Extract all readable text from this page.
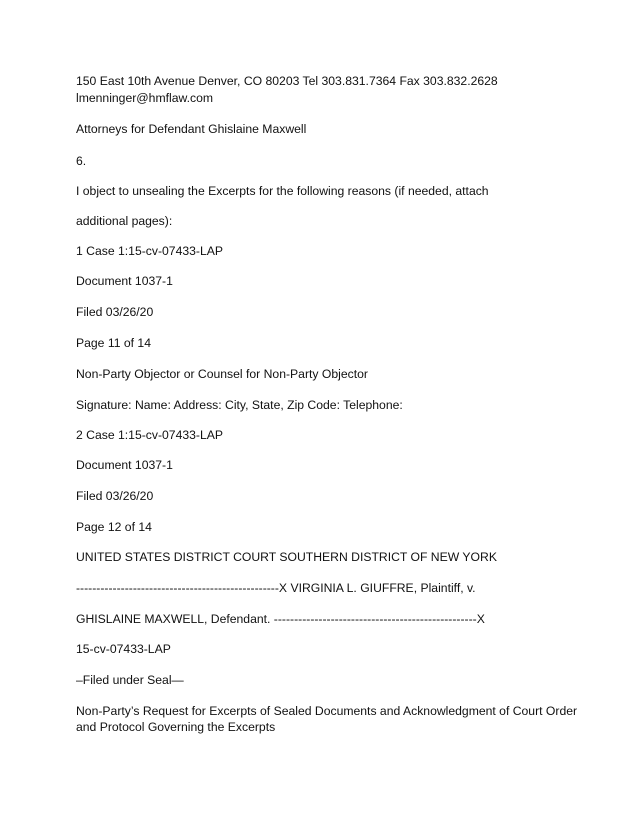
150 East 10th Avenue Denver, CO 80203 Tel 303.831.7364 Fax 303.832.2628
lmenninger@hmflaw.com
Attorneys for Defendant Ghislaine Maxwell
6.
I object to unsealing the Excerpts for the following reasons (if needed, attach
additional pages):
1 Case 1:15-cv-07433-LAP
Document 1037-1
Filed 03/26/20
Page 11 of 14
Non-Party Objector or Counsel for Non-Party Objector
Signature: Name: Address: City, State, Zip Code: Telephone:
2 Case 1:15-cv-07433-LAP
Document 1037-1
Filed 03/26/20
Page 12 of 14
UNITED STATES DISTRICT COURT SOUTHERN DISTRICT OF NEW YORK
--------------------------------------------------X VIRGINIA L. GIUFFRE, Plaintiff, v.
GHISLAINE MAXWELL, Defendant. --------------------------------------------------X
15-cv-07433-LAP
–Filed under Seal—
Non-Party’s Request for Excerpts of Sealed Documents and Acknowledgment of Court Order
and Protocol Governing the Excerpts
